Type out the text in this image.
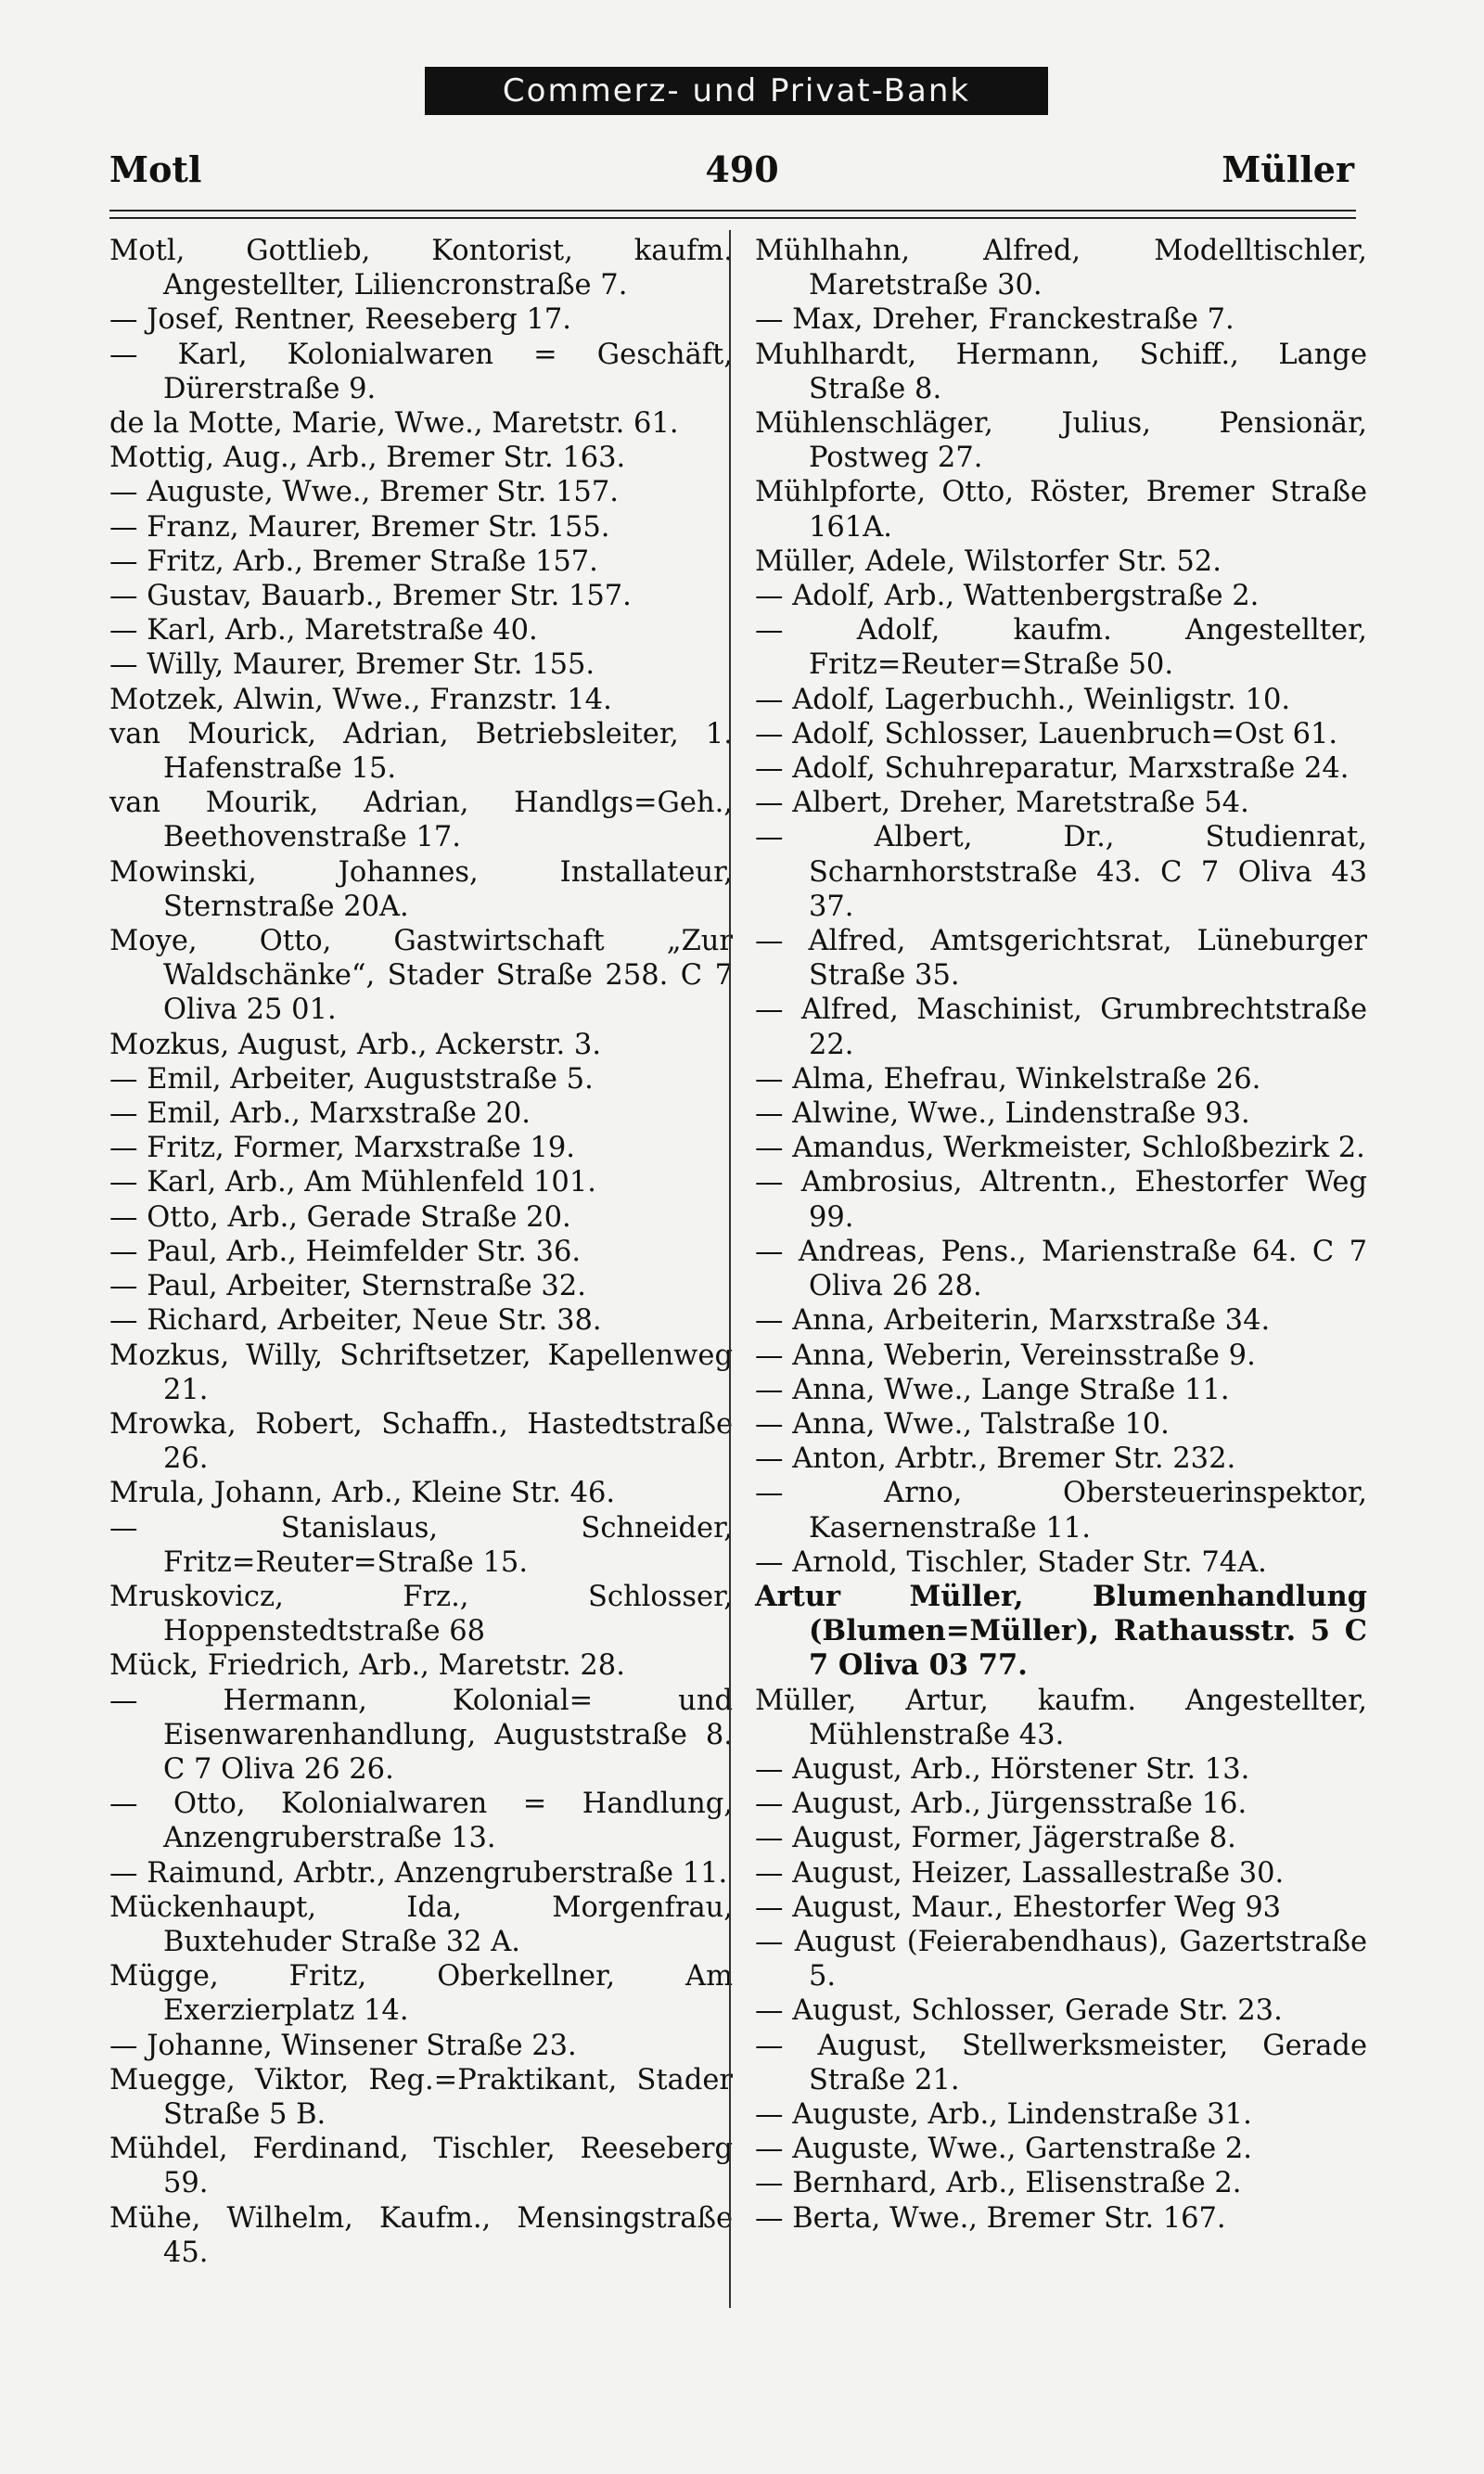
Commerz- und Privat-Bank
Motl	490	Müller
Motl, Gottlieb, Kontorist, kaufm. Angestellter, Liliencronstraße 7.
— Josef, Rentner, Reeseberg 17.
— Karl, Kolonialwaren = Geschäft, Dürerstraße 9.
de la Motte, Marie, Wwe., Maretstr. 61.
Mottig, Aug., Arb., Bremer Str. 163.
— Auguste, Wwe., Bremer Str. 157.
— Franz, Maurer, Bremer Str. 155.
— Fritz, Arb., Bremer Straße 157.
— Gustav, Bauarb., Bremer Str. 157.
— Karl, Arb., Maretstraße 40.
— Willy, Maurer, Bremer Str. 155.
Motzek, Alwin, Wwe., Franzstr. 14.
van Mourick, Adrian, Betriebsleiter, 1. Hafenstraße 15.
van Mourik, Adrian, Handlgs=Geh., Beethovenstraße 17.
Mowinski, Johannes, Installateur, Sternstraße 20A.
Moye, Otto, Gastwirtschaft „Zur Waldschänke“, Stader Straße 258. C 7 Oliva 25 01.
Mozkus, August, Arb., Ackerstr. 3.
— Emil, Arbeiter, Auguststraße 5.
— Emil, Arb., Marxstraße 20.
— Fritz, Former, Marxstraße 19.
— Karl, Arb., Am Mühlenfeld 101.
— Otto, Arb., Gerade Straße 20.
— Paul, Arb., Heimfelder Str. 36.
— Paul, Arbeiter, Sternstraße 32.
— Richard, Arbeiter, Neue Str. 38.
Mozkus, Willy, Schriftsetzer, Kapellenweg 21.
Mrowka, Robert, Schaffn., Hastedtstraße 26.
Mrula, Johann, Arb., Kleine Str. 46.
— Stanislaus, Schneider, Fritz=Reuter=Straße 15.
Mruskovicz, Frz., Schlosser, Hoppenstedtstraße 68
Mück, Friedrich, Arb., Maretstr. 28.
— Hermann, Kolonial= und Eisenwarenhandlung, Auguststraße 8. C 7 Oliva 26 26.
— Otto, Kolonialwaren = Handlung, Anzengruberstraße 13.
— Raimund, Arbtr., Anzengruberstraße 11.
Mückenhaupt, Ida, Morgenfrau, Buxtehuder Straße 32 A.
Mügge, Fritz, Oberkellner, Am Exerzierplatz 14.
— Johanne, Winsener Straße 23.
Muegge, Viktor, Reg.=Praktikant, Stader Straße 5 B.
Mühdel, Ferdinand, Tischler, Reeseberg 59.
Mühe, Wilhelm, Kaufm., Mensingstraße 45.
Mühlhahn, Alfred, Modelltischler, Maretstraße 30.
— Max, Dreher, Franckestraße 7.
Muhlhardt, Hermann, Schiff., Lange Straße 8.
Mühlenschläger, Julius, Pensionär, Postweg 27.
Mühlpforte, Otto, Röster, Bremer Straße 161A.
Müller, Adele, Wilstorfer Str. 52.
— Adolf, Arb., Wattenbergstraße 2.
— Adolf, kaufm. Angestellter, Fritz=Reuter=Straße 50.
— Adolf, Lagerbuchh., Weinligstr. 10.
— Adolf, Schlosser, Lauenbruch=Ost 61.
— Adolf, Schuhreparatur, Marxstraße 24.
— Albert, Dreher, Maretstraße 54.
— Albert, Dr., Studienrat, Scharnhorststraße 43. C 7 Oliva 43 37.
— Alfred, Amtsgerichtsrat, Lüneburger Straße 35.
— Alfred, Maschinist, Grumbrechtstraße 22.
— Alma, Ehefrau, Winkelstraße 26.
— Alwine, Wwe., Lindenstraße 93.
— Amandus, Werkmeister, Schloßbezirk 2.
— Ambrosius, Altrentn., Ehestorfer Weg 99.
— Andreas, Pens., Marienstraße 64. C 7 Oliva 26 28.
— Anna, Arbeiterin, Marxstraße 34.
— Anna, Weberin, Vereinsstraße 9.
— Anna, Wwe., Lange Straße 11.
— Anna, Wwe., Talstraße 10.
— Anton, Arbtr., Bremer Str. 232.
— Arno, Obersteuerinspektor, Kasernenstraße 11.
— Arnold, Tischler, Stader Str. 74A.
Artur Müller, Blumenhandlung (Blumen=Müller), Rathausstr. 5 C 7 Oliva 03 77.
Müller, Artur, kaufm. Angestellter, Mühlenstraße 43.
— August, Arb., Hörstener Str. 13.
— August, Arb., Jürgensstraße 16.
— August, Former, Jägerstraße 8.
— August, Heizer, Lassallestraße 30.
— August, Maur., Ehestorfer Weg 93
— August (Feierabendhaus), Gazertstraße 5.
— August, Schlosser, Gerade Str. 23.
— August, Stellwerksmeister, Gerade Straße 21.
— Auguste, Arb., Lindenstraße 31.
— Auguste, Wwe., Gartenstraße 2.
— Bernhard, Arb., Elisenstraße 2.
— Berta, Wwe., Bremer Str. 167.
